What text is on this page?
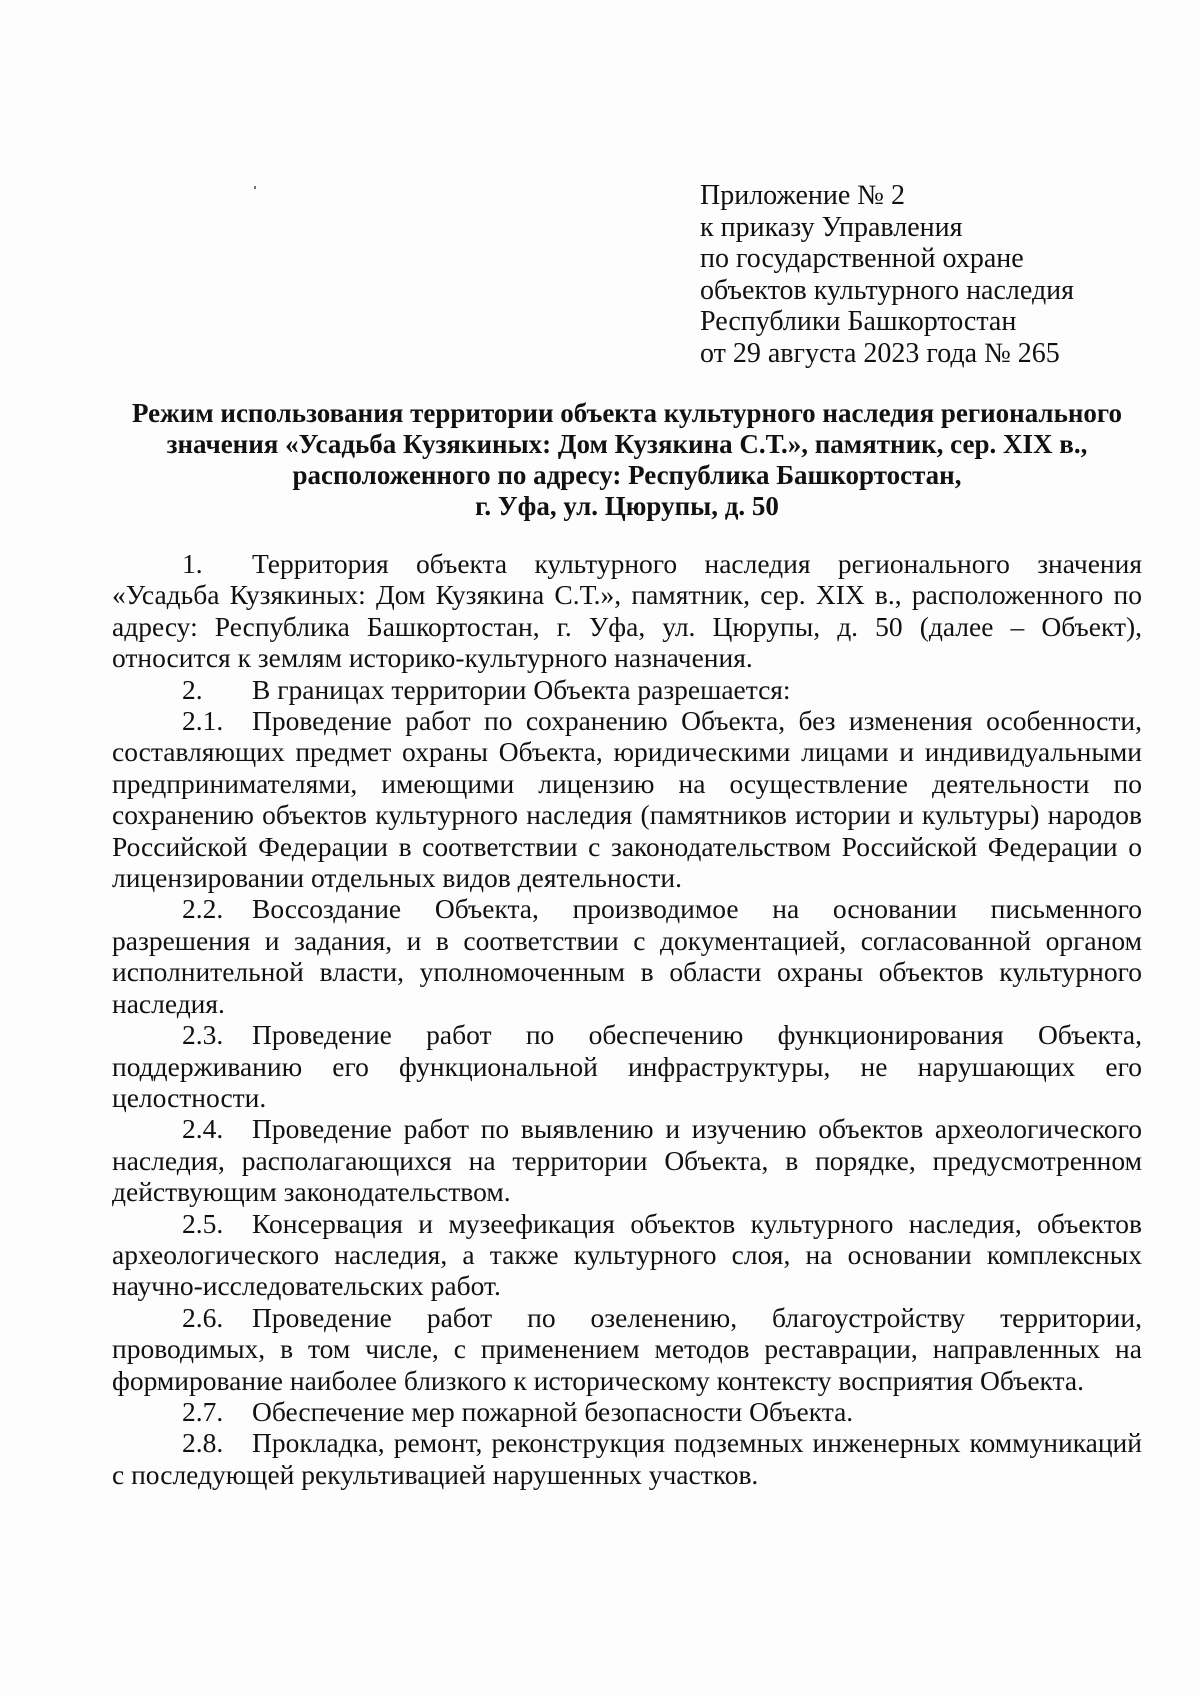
Приложение № 2
к приказу Управления
по государственной охране
объектов культурного наследия
Республики Башкортостан
от 29 августа 2023 года № 265
Режим использования территории объекта культурного наследия регионального
значения «Усадьба Кузякиных: Дом Кузякина С.Т.», памятник, сер. XIX в.,
расположенного по адресу: Республика Башкортостан,
г. Уфа, ул. Цюрупы, д. 50

1. Территория объекта культурного наследия регионального значения «Усадьба Кузякиных: Дом Кузякина С.Т.», памятник, сер. XIX в., расположенного по адресу: Республика Башкортостан, г. Уфа, ул. Цюрупы, д. 50 (далее – Объект), относится к землям историко-культурного назначения.

2. В границах территории Объекта разрешается:

2.1. Проведение работ по сохранению Объекта, без изменения особенности, составляющих предмет охраны Объекта, юридическими лицами и индивидуальными предпринимателями, имеющими лицензию на осуществление деятельности по сохранению объектов культурного наследия (памятников истории и культуры) народов Российской Федерации в соответствии с законодательством Российской Федерации о лицензировании отдельных видов деятельности.

2.2. Воссоздание Объекта, производимое на основании письменного разрешения и задания, и в соответствии с документацией, согласованной органом исполнительной власти, уполномоченным в области охраны объектов культурного наследия.

2.3. Проведение работ по обеспечению функционирования Объекта, поддерживанию его функциональной инфраструктуры, не нарушающих его целостности.

2.4. Проведение работ по выявлению и изучению объектов археологического наследия, располагающихся на территории Объекта, в порядке, предусмотренном действующим законодательством.

2.5. Консервация и музеефикация объектов культурного наследия, объектов археологического наследия, а также культурного слоя, на основании комплексных научно-исследовательских работ.

2.6. Проведение работ по озеленению, благоустройству территории, проводимых, в том числе, с применением методов реставрации, направленных на формирование наиболее близкого к историческому контексту восприятия Объекта.

2.7. Обеспечение мер пожарной безопасности Объекта.

2.8. Прокладка, ремонт, реконструкция подземных инженерных коммуникаций с последующей рекультивацией нарушенных участков.
